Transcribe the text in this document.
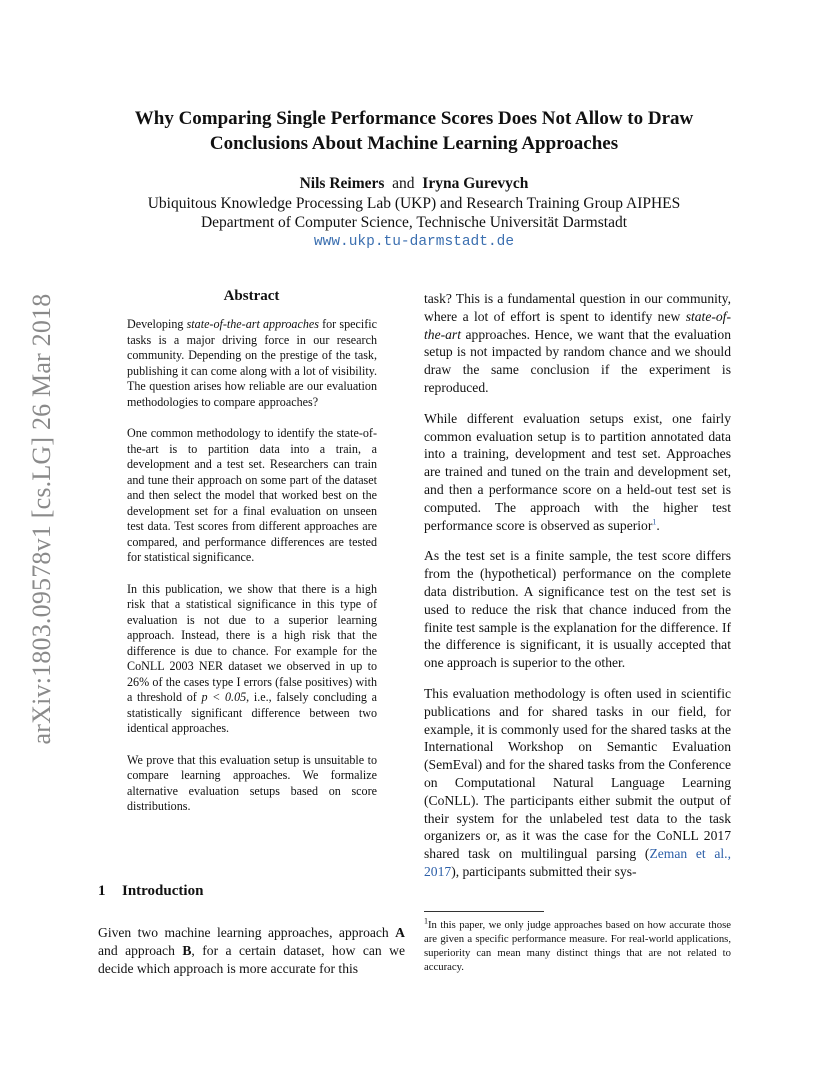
arXiv:1803.09578v1 [cs.LG] 26 Mar 2018
Why Comparing Single Performance Scores Does Not Allow to Draw
Conclusions About Machine Learning Approaches
Nils Reimers and Iryna Gurevych
Ubiquitous Knowledge Processing Lab (UKP) and Research Training Group AIPHES
Department of Computer Science, Technische Universität Darmstadt
www.ukp.tu-darmstadt.de
Abstract

Developing state-of-the-art approaches for specific tasks is a major driving force in our research community. Depending on the prestige of the task, publishing it can come along with a lot of visibility. The question arises how reliable are our evaluation methodologies to compare approaches?

One common methodology to identify the state-of-the-art is to partition data into a train, a development and a test set. Researchers can train and tune their approach on some part of the dataset and then select the model that worked best on the development set for a final evaluation on unseen test data. Test scores from different approaches are compared, and performance differences are tested for statistical significance.

In this publication, we show that there is a high risk that a statistical significance in this type of evaluation is not due to a superior learning approach. Instead, there is a high risk that the difference is due to chance. For example for the CoNLL 2003 NER dataset we observed in up to 26% of the cases type I errors (false positives) with a threshold of p < 0.05, i.e., falsely concluding a statistically significant difference between two identical approaches.

We prove that this evaluation setup is unsuitable to compare learning approaches. We formalize alternative evaluation setups based on score distributions.

1 Introduction

Given two machine learning approaches, approach A and approach B, for a certain dataset, how can we decide which approach is more accurate for this

task? This is a fundamental question in our community, where a lot of effort is spent to identify new state-of-the-art approaches. Hence, we want that the evaluation setup is not impacted by random chance and we should draw the same conclusion if the experiment is reproduced.

While different evaluation setups exist, one fairly common evaluation setup is to partition annotated data into a training, development and test set. Approaches are trained and tuned on the train and development set, and then a performance score on a held-out test set is computed. The approach with the higher test performance score is observed as superior$^1$.

As the test set is a finite sample, the test score differs from the (hypothetical) performance on the complete data distribution. A significance test on the test set is used to reduce the risk that chance induced from the finite test sample is the explanation for the difference. If the difference is significant, it is usually accepted that one approach is superior to the other.

This evaluation methodology is often used in scientific publications and for shared tasks in our field, for example, it is commonly used for the shared tasks at the International Workshop on Semantic Evaluation (SemEval) and for the shared tasks from the Conference on Computational Natural Language Learning (CoNLL). The participants either submit the output of their system for the unlabeled test data to the task organizers or, as it was the case for the CoNLL 2017 shared task on multilingual parsing (Zeman et al., 2017), participants submitted their sys-

$^1$In this paper, we only judge approaches based on how accurate those are given a specific performance measure. For real-world applications, superiority can mean many distinct things that are not related to accuracy.
